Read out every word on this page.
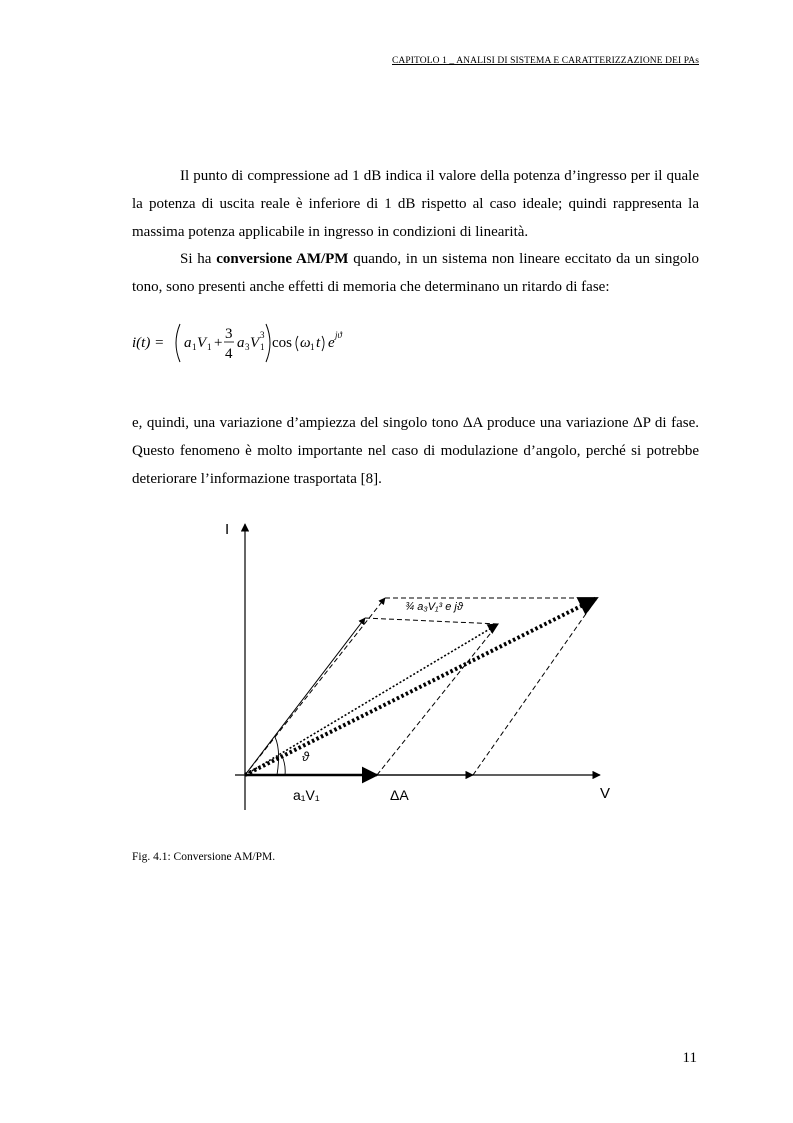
CAPITOLO 1 _ ANALISI DI SISTEMA E CARATTERIZZAZIONE DEI PAs

Il punto di compressione ad 1 dB indica il valore della potenza d’ingresso per il quale la potenza di uscita reale è inferiore di 1 dB rispetto al caso ideale; quindi rappresenta la massima potenza applicabile in ingresso in condizioni di linearità.

Si ha conversione AM/PM quando, in un sistema non lineare eccitato da un singolo tono, sono presenti anche effetti di memoria che determinano un ritardo di fase:

i(t) = a 1 V 1 +
3
4
a 3 V 1
3 cos ω 1 t e jϑ

e, quindi, una variazione d’ampiezza del singolo tono ΔA produce una variazione ΔP di fase. Questo fenomeno è molto importante nel caso di modulazione d’angolo, perché si potrebbe deteriorare l’informazione trasportata [8].

I
V
a₁V₁	ΔA
ϑ
¾ a₃V₁³ e jϑ
Fig. 4.1: Conversione AM/PM.
11
